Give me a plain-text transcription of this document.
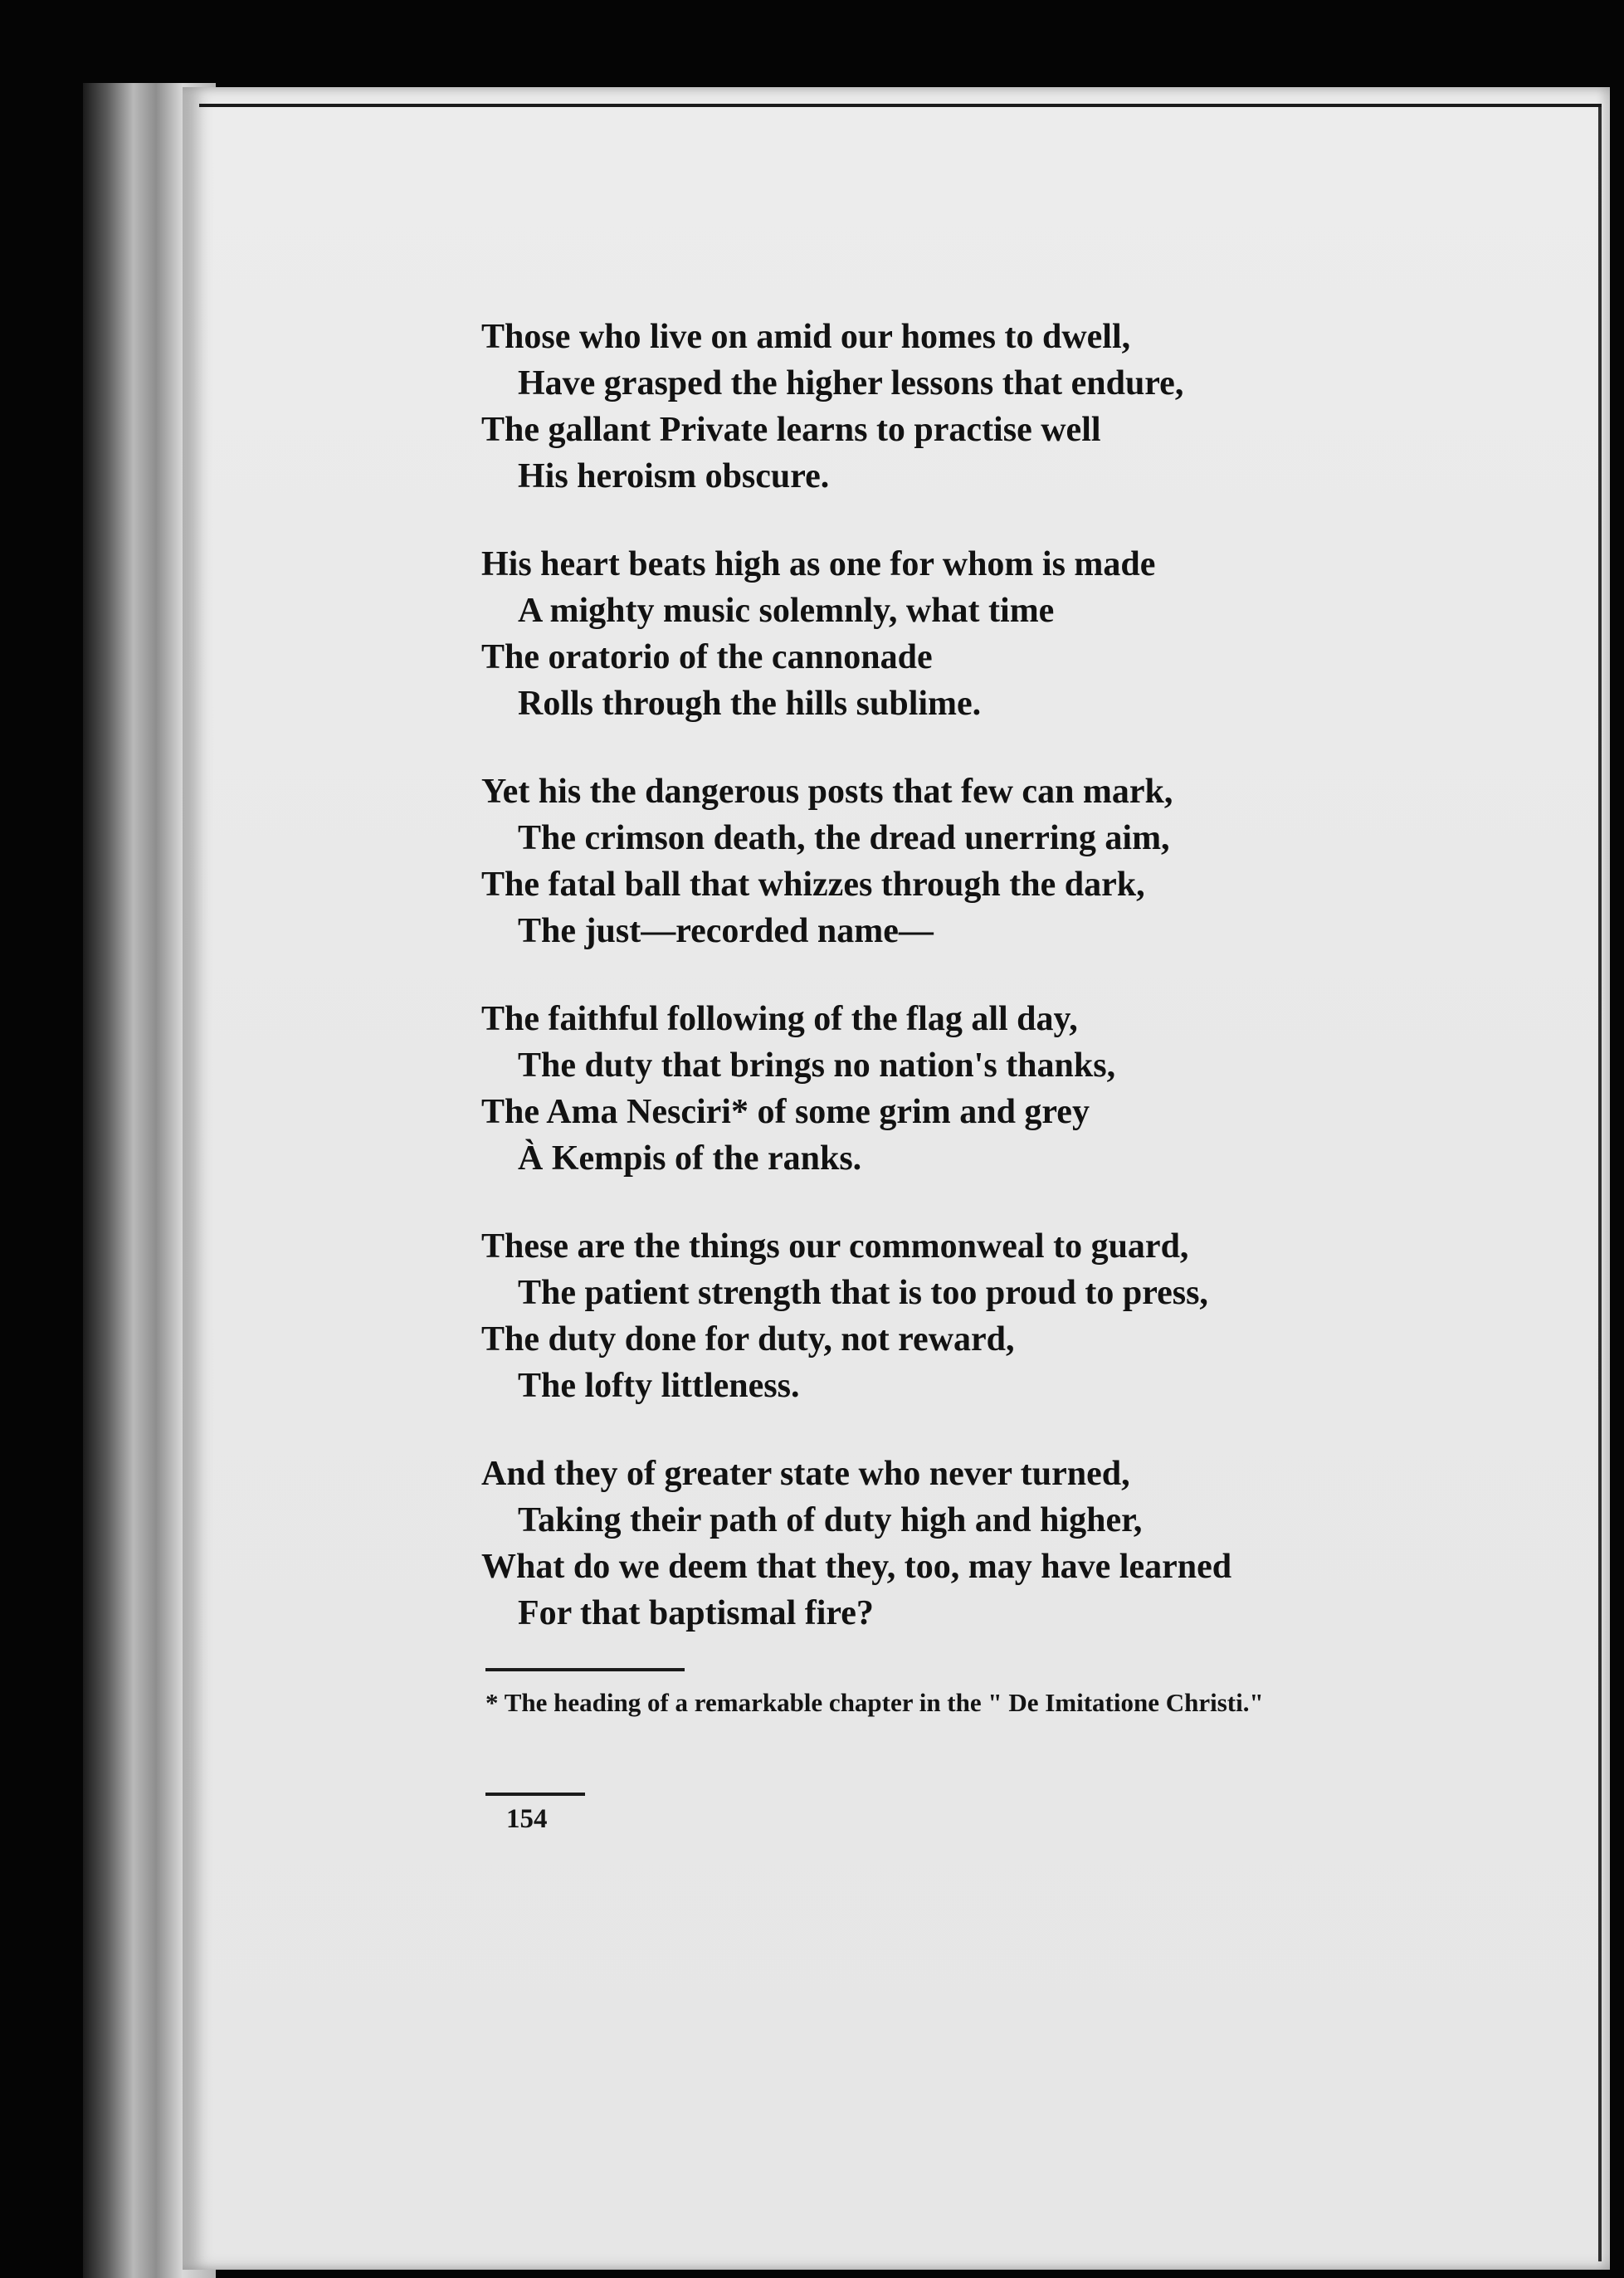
Those who live on amid our homes to dwell,
Have grasped the higher lessons that endure,
The gallant Private learns to practise well
His heroism obscure.
His heart beats high as one for whom is made
A mighty music solemnly, what time
The oratorio of the cannonade
Rolls through the hills sublime.
Yet his the dangerous posts that few can mark,
The crimson death, the dread unerring aim,
The fatal ball that whizzes through the dark,
The just—recorded name—
The faithful following of the flag all day,
The duty that brings no nation's thanks,
The Ama Nesciri* of some grim and grey
À Kempis of the ranks.
These are the things our commonweal to guard,
The patient strength that is too proud to press,
The duty done for duty, not reward,
The lofty littleness.
And they of greater state who never turned,
Taking their path of duty high and higher,
What do we deem that they, too, may have learned
For that baptismal fire?
* The heading of a remarkable chapter in the " De Imitatione Christi."
154
